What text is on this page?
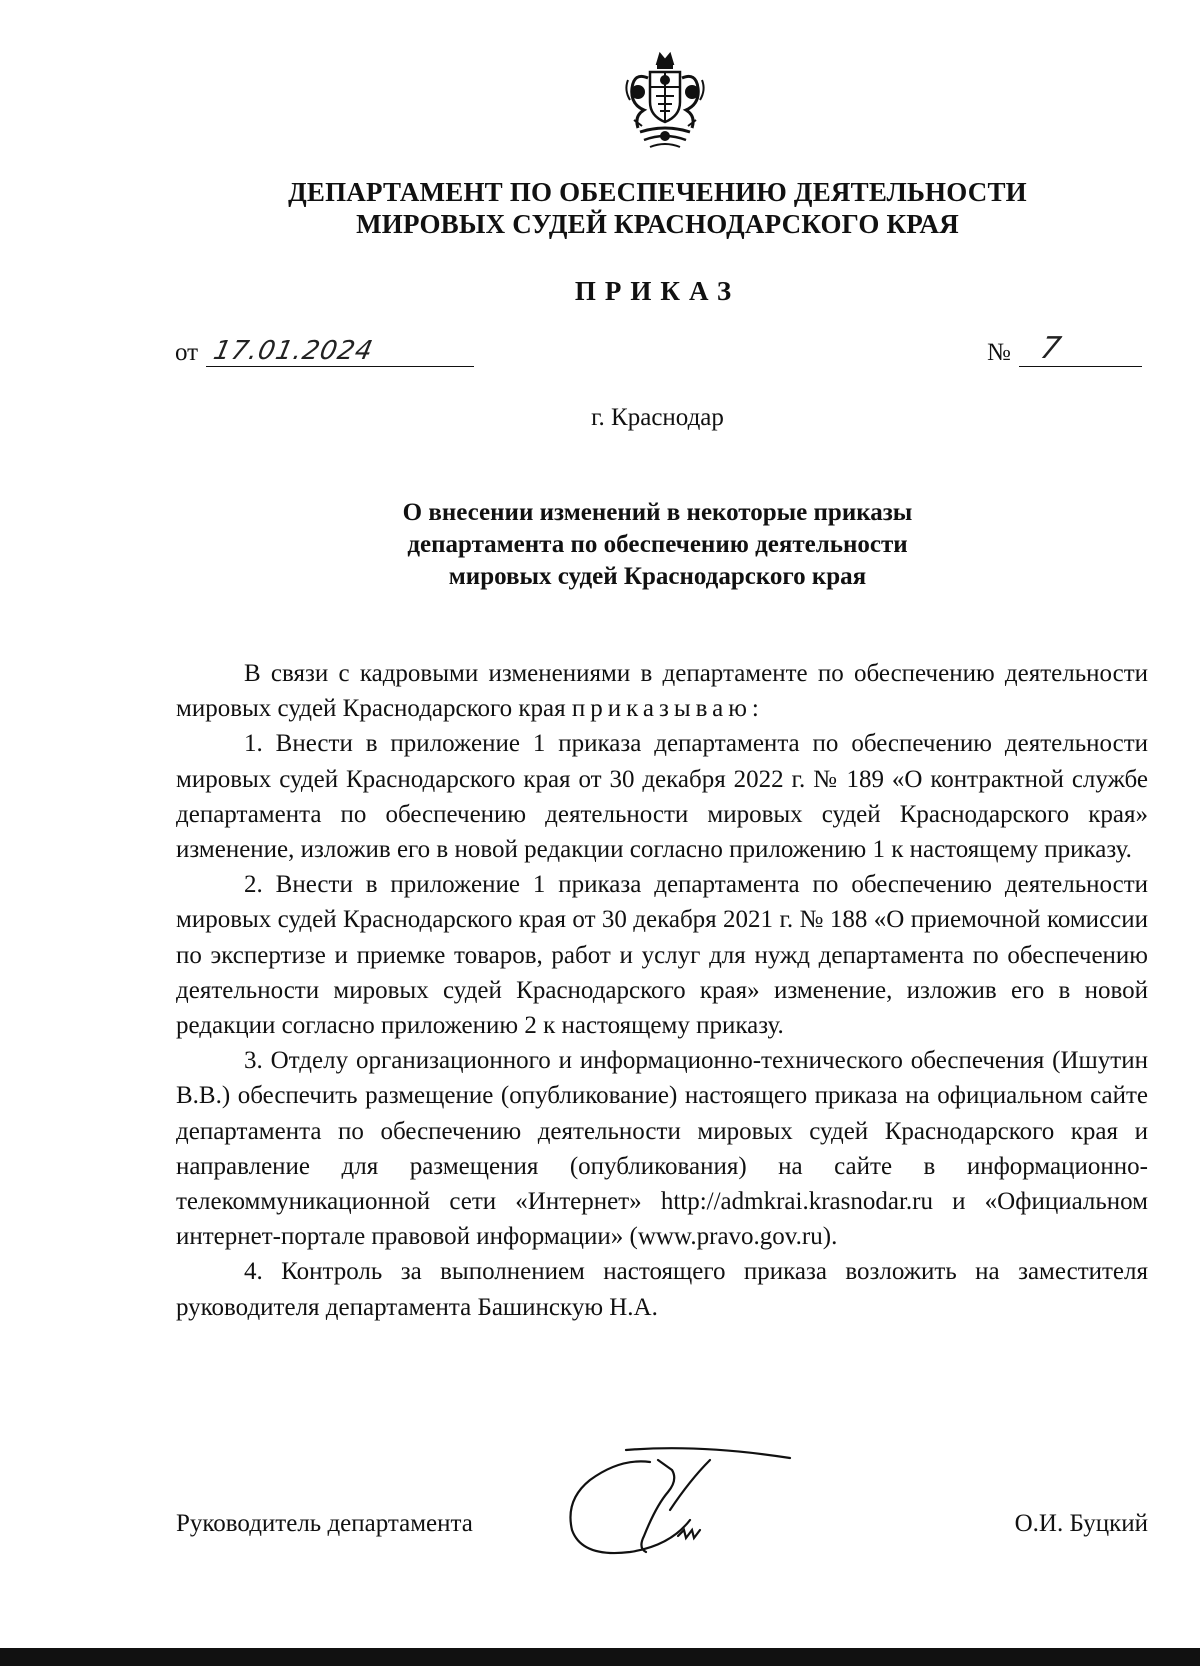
ДЕПАРТАМЕНТ ПО ОБЕСПЕЧЕНИЮ ДЕЯТЕЛЬНОСТИ
МИРОВЫХ СУДЕЙ КРАСНОДАРСКОГО КРАЯ
ПРИКАЗ
от 17.01.2024	№ 7
г. Краснодар
О внесении изменений в некоторые приказы
департамента по обеспечению деятельности
мировых судей Краснодарского края

В связи с кадровыми изменениями в департаменте по обеспечению деятельности мировых судей Краснодарского края приказываю:

1. Внести в приложение 1 приказа департамента по обеспечению деятельности мировых судей Краснодарского края от 30 декабря 2022 г. № 189 «О контрактной службе департамента по обеспечению деятельности мировых судей Краснодарского края» изменение, изложив его в новой редакции согласно приложению 1 к настоящему приказу.

2. Внести в приложение 1 приказа департамента по обеспечению деятельности мировых судей Краснодарского края от 30 декабря 2021 г. № 188 «О приемочной комиссии по экспертизе и приемке товаров, работ и услуг для нужд департамента по обеспечению деятельности мировых судей Краснодарского края» изменение, изложив его в новой редакции согласно приложению 2 к настоящему приказу.

3. Отделу организационного и информационно-технического обеспечения (Ишутин В.В.) обеспечить размещение (опубликование) настоящего приказа на официальном сайте департамента по обеспечению деятельности мировых судей Краснодарского края и направление для размещения (опубликования) на сайте в информационно-телекоммуникационной сети «Интернет» http://admkrai.krasnodar.ru и «Официальном интернет-портале правовой информации» (www.pravo.gov.ru).

4. Контроль за выполнением настоящего приказа возложить на заместителя руководителя департамента Башинскую Н.А.

Руководитель департамента	О.И. Буцкий
